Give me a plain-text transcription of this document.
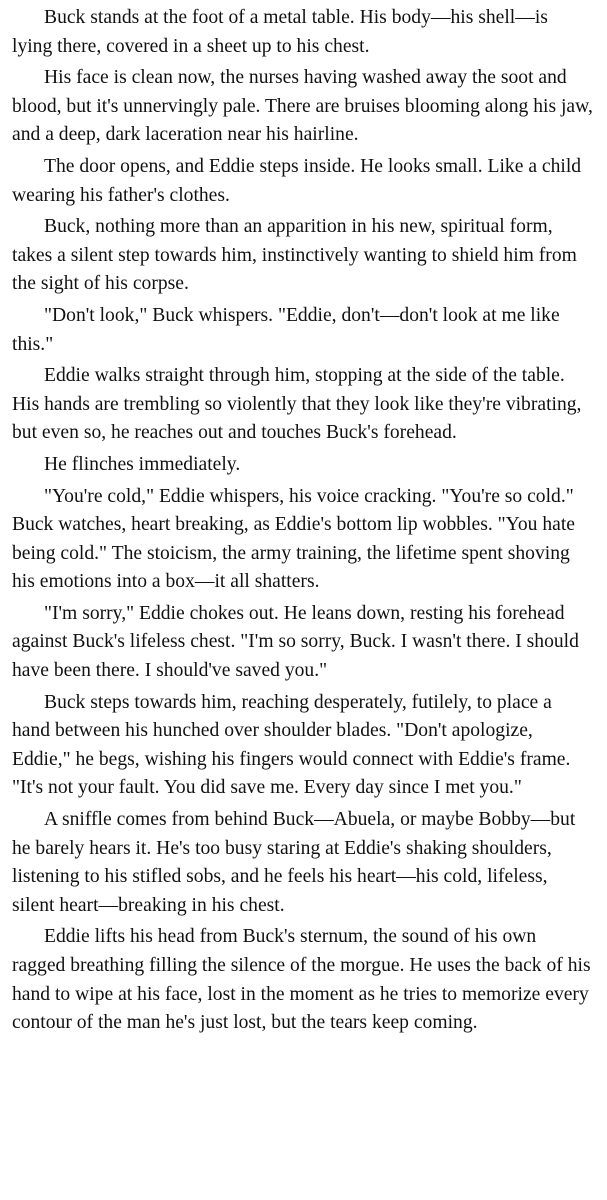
Buck stands at the foot of a metal table. His body—his shell—is lying there, covered in a sheet up to his chest.

His face is clean now, the nurses having washed away the soot and blood, but it's unnervingly pale. There are bruises blooming along his jaw, and a deep, dark laceration near his hairline.

The door opens, and Eddie steps inside. He looks small. Like a child wearing his father's clothes.

Buck, nothing more than an apparition in his new, spiritual form, takes a silent step towards him, instinctively wanting to shield him from the sight of his corpse.

"Don't look," Buck whispers. "Eddie, don't—don't look at me like this."

Eddie walks straight through him, stopping at the side of the table. His hands are trembling so violently that they look like they're vibrating, but even so, he reaches out and touches Buck's forehead.

He flinches immediately.

"You're cold," Eddie whispers, his voice cracking. "You're so cold." Buck watches, heart breaking, as Eddie's bottom lip wobbles. "You hate being cold." The stoicism, the army training, the lifetime spent shoving his emotions into a box—it all shatters.

"I'm sorry," Eddie chokes out. He leans down, resting his forehead against Buck's lifeless chest. "I'm so sorry, Buck. I wasn't there. I should have been there. I should've saved you."

Buck steps towards him, reaching desperately, futilely, to place a hand between his hunched over shoulder blades. "Don't apologize, Eddie," he begs, wishing his fingers would connect with Eddie's frame. "It's not your fault. You did save me. Every day since I met you."

A sniffle comes from behind Buck—Abuela, or maybe Bobby—but he barely hears it. He's too busy staring at Eddie's shaking shoulders, listening to his stifled sobs, and he feels his heart—his cold, lifeless, silent heart—breaking in his chest.

Eddie lifts his head from Buck's sternum, the sound of his own ragged breathing filling the silence of the morgue. He uses the back of his hand to wipe at his face, lost in the moment as he tries to memorize every contour of the man he's just lost, but the tears keep coming.
